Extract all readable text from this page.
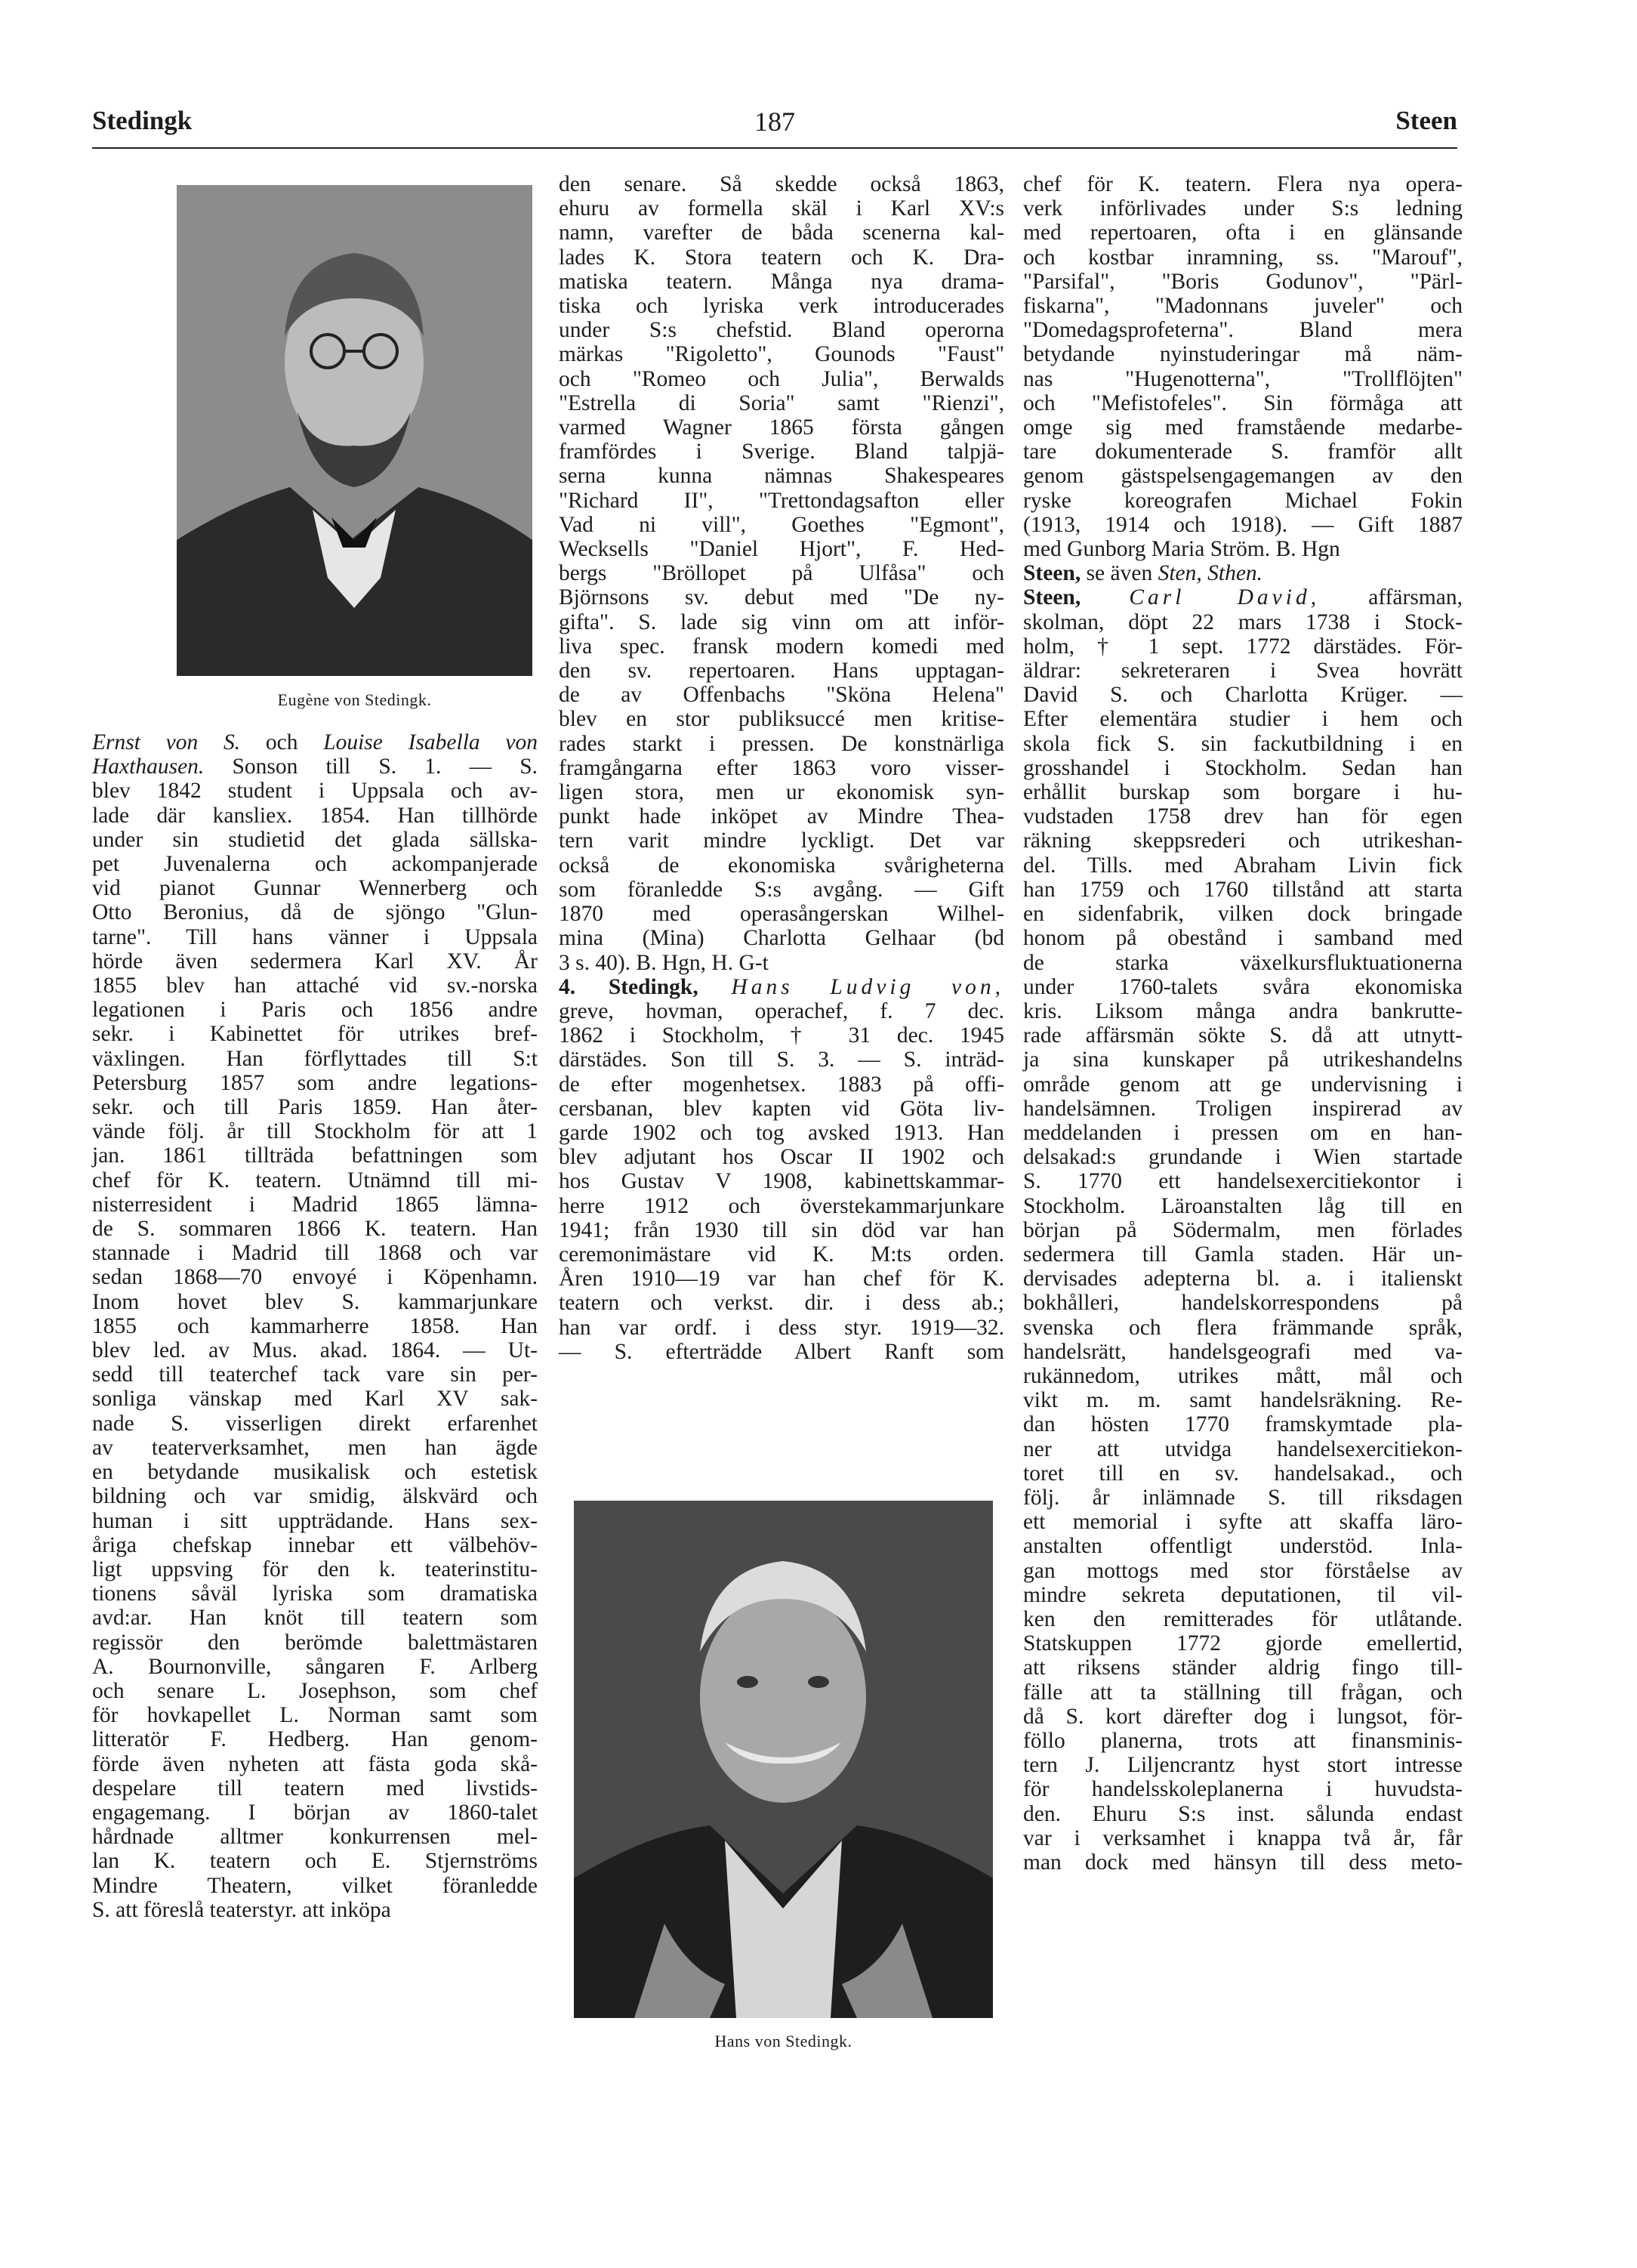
Stedingk	187	Steen
Eugène von Stedingk.
Ernst von S. och Louise Isabella von
Haxthausen. Sonson till S. 1. — S.
blev 1842 student i Uppsala och av-
lade där kansliex. 1854. Han tillhörde
under sin studietid det glada sällska-
pet Juvenalerna och ackompanjerade
vid pianot Gunnar Wennerberg och
Otto Beronius, då de sjöngo "Glun-
tarne". Till hans vänner i Uppsala
hörde även sedermera Karl XV. År
1855 blev han attaché vid sv.-norska
legationen i Paris och 1856 andre
sekr. i Kabinettet för utrikes bref-
växlingen. Han förflyttades till S:t
Petersburg 1857 som andre legations-
sekr. och till Paris 1859. Han åter-
vände följ. år till Stockholm för att 1
jan. 1861 tillträda befattningen som
chef för K. teatern. Utnämnd till mi-
nisterresident i Madrid 1865 lämna-
de S. sommaren 1866 K. teatern. Han
stannade i Madrid till 1868 och var
sedan 1868—70 envoyé i Köpenhamn.
Inom hovet blev S. kammarjunkare
1855 och kammarherre 1858. Han
blev led. av Mus. akad. 1864. — Ut-
sedd till teaterchef tack vare sin per-
sonliga vänskap med Karl XV sak-
nade S. visserligen direkt erfarenhet
av teaterverksamhet, men han ägde
en betydande musikalisk och estetisk
bildning och var smidig, älskvärd och
human i sitt uppträdande. Hans sex-
åriga chefskap innebar ett välbehöv-
ligt uppsving för den k. teaterinstitu-
tionens såväl lyriska som dramatiska
avd:ar. Han knöt till teatern som
regissör den berömde balettmästaren
A. Bournonville, sångaren F. Arlberg
och senare L. Josephson, som chef
för hovkapellet L. Norman samt som
litteratör F. Hedberg. Han genom-
förde även nyheten att fästa goda skå-
despelare till teatern med livstids-
engagemang. I början av 1860-talet
hårdnade alltmer konkurrensen mel-
lan K. teatern och E. Stjernströms
Mindre Theatern, vilket föranledde
S. att föreslå teaterstyr. att inköpa
den senare. Så skedde också 1863,
ehuru av formella skäl i Karl XV:s
namn, varefter de båda scenerna kal-
lades K. Stora teatern och K. Dra-
matiska teatern. Många nya drama-
tiska och lyriska verk introducerades
under S:s chefstid. Bland operorna
märkas "Rigoletto", Gounods "Faust"
och "Romeo och Julia", Berwalds
"Estrella di Soria" samt "Rienzi",
varmed Wagner 1865 första gången
framfördes i Sverige. Bland talpjä-
serna kunna nämnas Shakespeares
"Richard II", "Trettondagsafton eller
Vad ni vill", Goethes "Egmont",
Wecksells "Daniel Hjort", F. Hed-
bergs "Bröllopet på Ulfåsa" och
Björnsons sv. debut med "De ny-
gifta". S. lade sig vinn om att inför-
liva spec. fransk modern komedi med
den sv. repertoaren. Hans upptagan-
de av Offenbachs "Sköna Helena"
blev en stor publiksuccé men kritise-
rades starkt i pressen. De konstnärliga
framgångarna efter 1863 voro visser-
ligen stora, men ur ekonomisk syn-
punkt hade inköpet av Mindre Thea-
tern varit mindre lyckligt. Det var
också de ekonomiska svårigheterna
som föranledde S:s avgång. — Gift
1870 med operasångerskan Wilhel-
mina (Mina) Charlotta Gelhaar (bd
3 s. 40). B. Hgn, H. G-t
4. Stedingk, Hans Ludvig von,
greve, hovman, operachef, f. 7 dec.
1862 i Stockholm, † 31 dec. 1945
därstädes. Son till S. 3. — S. inträd-
de efter mogenhetsex. 1883 på offi-
cersbanan, blev kapten vid Göta liv-
garde 1902 och tog avsked 1913. Han
blev adjutant hos Oscar II 1902 och
hos Gustav V 1908, kabinettskammar-
herre 1912 och överstekammarjunkare
1941; från 1930 till sin död var han
ceremonimästare vid K. M:ts orden.
Åren 1910—19 var han chef för K.
teatern och verkst. dir. i dess ab.;
han var ordf. i dess styr. 1919—32.
— S. efterträdde Albert Ranft som
Hans von Stedingk.
chef för K. teatern. Flera nya opera-
verk införlivades under S:s ledning
med repertoaren, ofta i en glänsande
och kostbar inramning, ss. "Marouf",
"Parsifal", "Boris Godunov", "Pärl-
fiskarna", "Madonnans juveler" och
"Domedagsprofeterna". Bland mera
betydande nyinstuderingar må näm-
nas "Hugenotterna", "Trollflöjten"
och "Mefistofeles". Sin förmåga att
omge sig med framstående medarbe-
tare dokumenterade S. framför allt
genom gästspelsengagemangen av den
ryske koreografen Michael Fokin
(1913, 1914 och 1918). — Gift 1887
med Gunborg Maria Ström. B. Hgn
Steen, se även Sten, Sthen.
Steen, Carl David, affärsman,
skolman, döpt 22 mars 1738 i Stock-
holm, † 1 sept. 1772 därstädes. För-
äldrar: sekreteraren i Svea hovrätt
David S. och Charlotta Krüger. —
Efter elementära studier i hem och
skola fick S. sin fackutbildning i en
grosshandel i Stockholm. Sedan han
erhållit burskap som borgare i hu-
vudstaden 1758 drev han för egen
räkning skeppsrederi och utrikeshan-
del. Tills. med Abraham Livin fick
han 1759 och 1760 tillstånd att starta
en sidenfabrik, vilken dock bringade
honom på obestånd i samband med
de starka växelkursfluktuationerna
under 1760-talets svåra ekonomiska
kris. Liksom många andra bankrutte-
rade affärsmän sökte S. då att utnytt-
ja sina kunskaper på utrikeshandelns
område genom att ge undervisning i
handelsämnen. Troligen inspirerad av
meddelanden i pressen om en han-
delsakad:s grundande i Wien startade
S. 1770 ett handelsexercitiekontor i
Stockholm. Läroanstalten låg till en
början på Södermalm, men förlades
sedermera till Gamla staden. Här un-
dervisades adepterna bl. a. i italienskt
bokhålleri, handelskorrespondens på
svenska och flera främmande språk,
handelsrätt, handelsgeografi med va-
rukännedom, utrikes mått, mål och
vikt m. m. samt handelsräkning. Re-
dan hösten 1770 framskymtade pla-
ner att utvidga handelsexercitiekon-
toret till en sv. handelsakad., och
följ. år inlämnade S. till riksdagen
ett memorial i syfte att skaffa läro-
anstalten offentligt understöd. Inla-
gan mottogs med stor förståelse av
mindre sekreta deputationen, til vil-
ken den remitterades för utlåtande.
Statskuppen 1772 gjorde emellertid,
att riksens ständer aldrig fingo till-
fälle att ta ställning till frågan, och
då S. kort därefter dog i lungsot, för-
föllo planerna, trots att finansminis-
tern J. Liljencrantz hyst stort intresse
för handelsskoleplanerna i huvudsta-
den. Ehuru S:s inst. sålunda endast
var i verksamhet i knappa två år, får
man dock med hänsyn till dess meto-
